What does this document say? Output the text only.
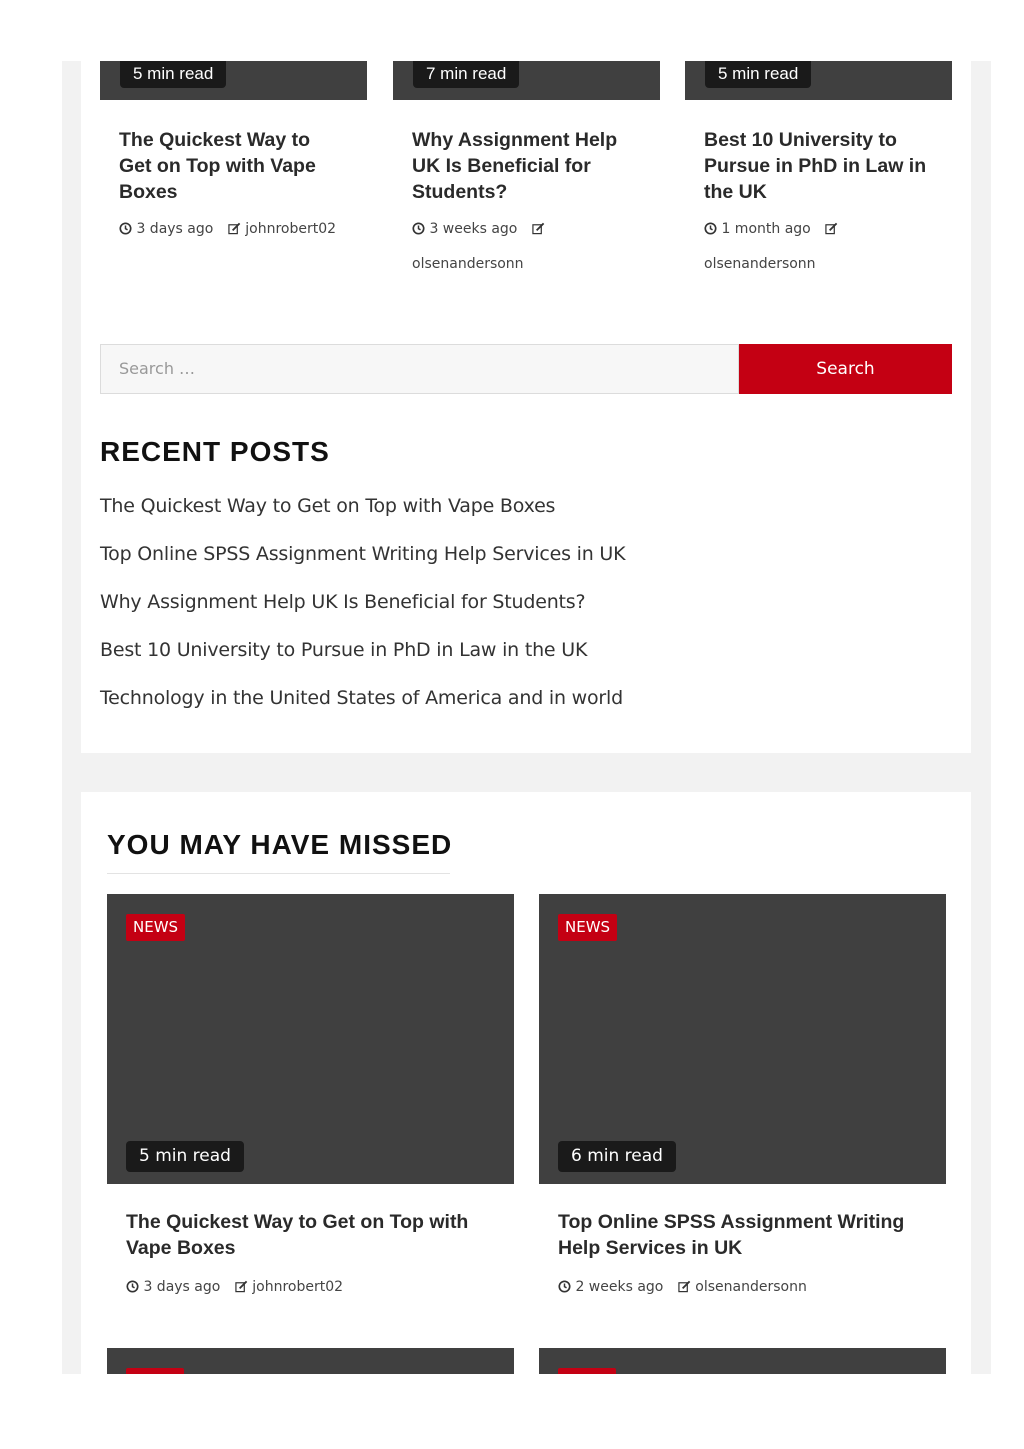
5 min read
The Quickest Way to Get on Top with Vape Boxes
3 days ago johnrobert02
7 min read
Why Assignment Help UK Is Beneficial for Students?
3 weeks ago
olsenandersonn
5 min read
Best 10 University to Pursue in PhD in Law in the UK
1 month ago
olsenandersonn
Search …	Search
RECENT POSTS
The Quickest Way to Get on Top with Vape Boxes
Top Online SPSS Assignment Writing Help Services in UK
Why Assignment Help UK Is Beneficial for Students?
Best 10 University to Pursue in PhD in Law in the UK
Technology in the United States of America and in world
YOU MAY HAVE MISSED
NEWS
5 min read
The Quickest Way to Get on Top with Vape Boxes
3 days ago johnrobert02
NEWS
6 min read
Top Online SPSS Assignment Writing Help Services in UK
2 weeks ago olsenandersonn
